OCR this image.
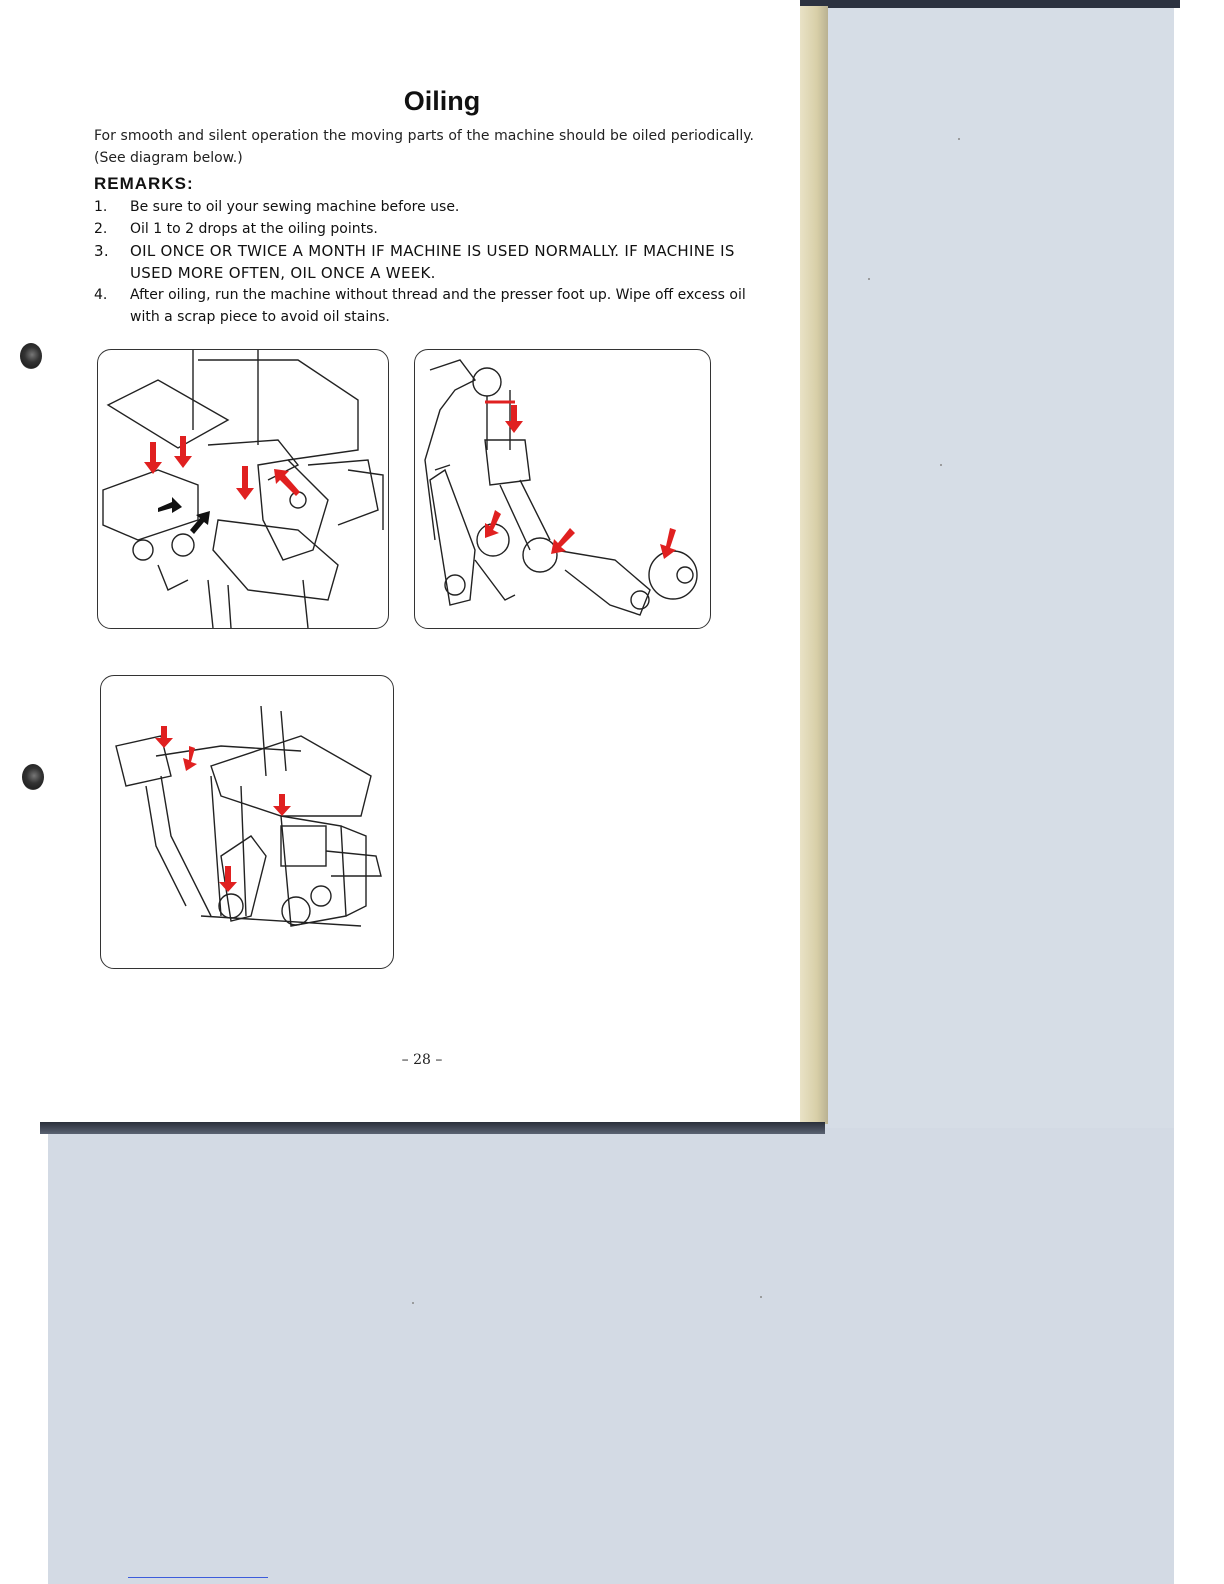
Oiling
For smooth and silent operation the moving parts of the machine should be oiled periodically. (See diagram below.)
REMARKS:
1. Be sure to oil your sewing machine before use.
2. Oil 1 to 2 drops at the oiling points.
3. OIL ONCE OR TWICE A MONTH IF MACHINE IS USED NORMALLY. IF MACHINE IS USED MORE OFTEN, OIL ONCE A WEEK.
4. After oiling, run the machine without thread and the presser foot up. Wipe off excess oil with a scrap piece to avoid oil stains.
– 28 –
